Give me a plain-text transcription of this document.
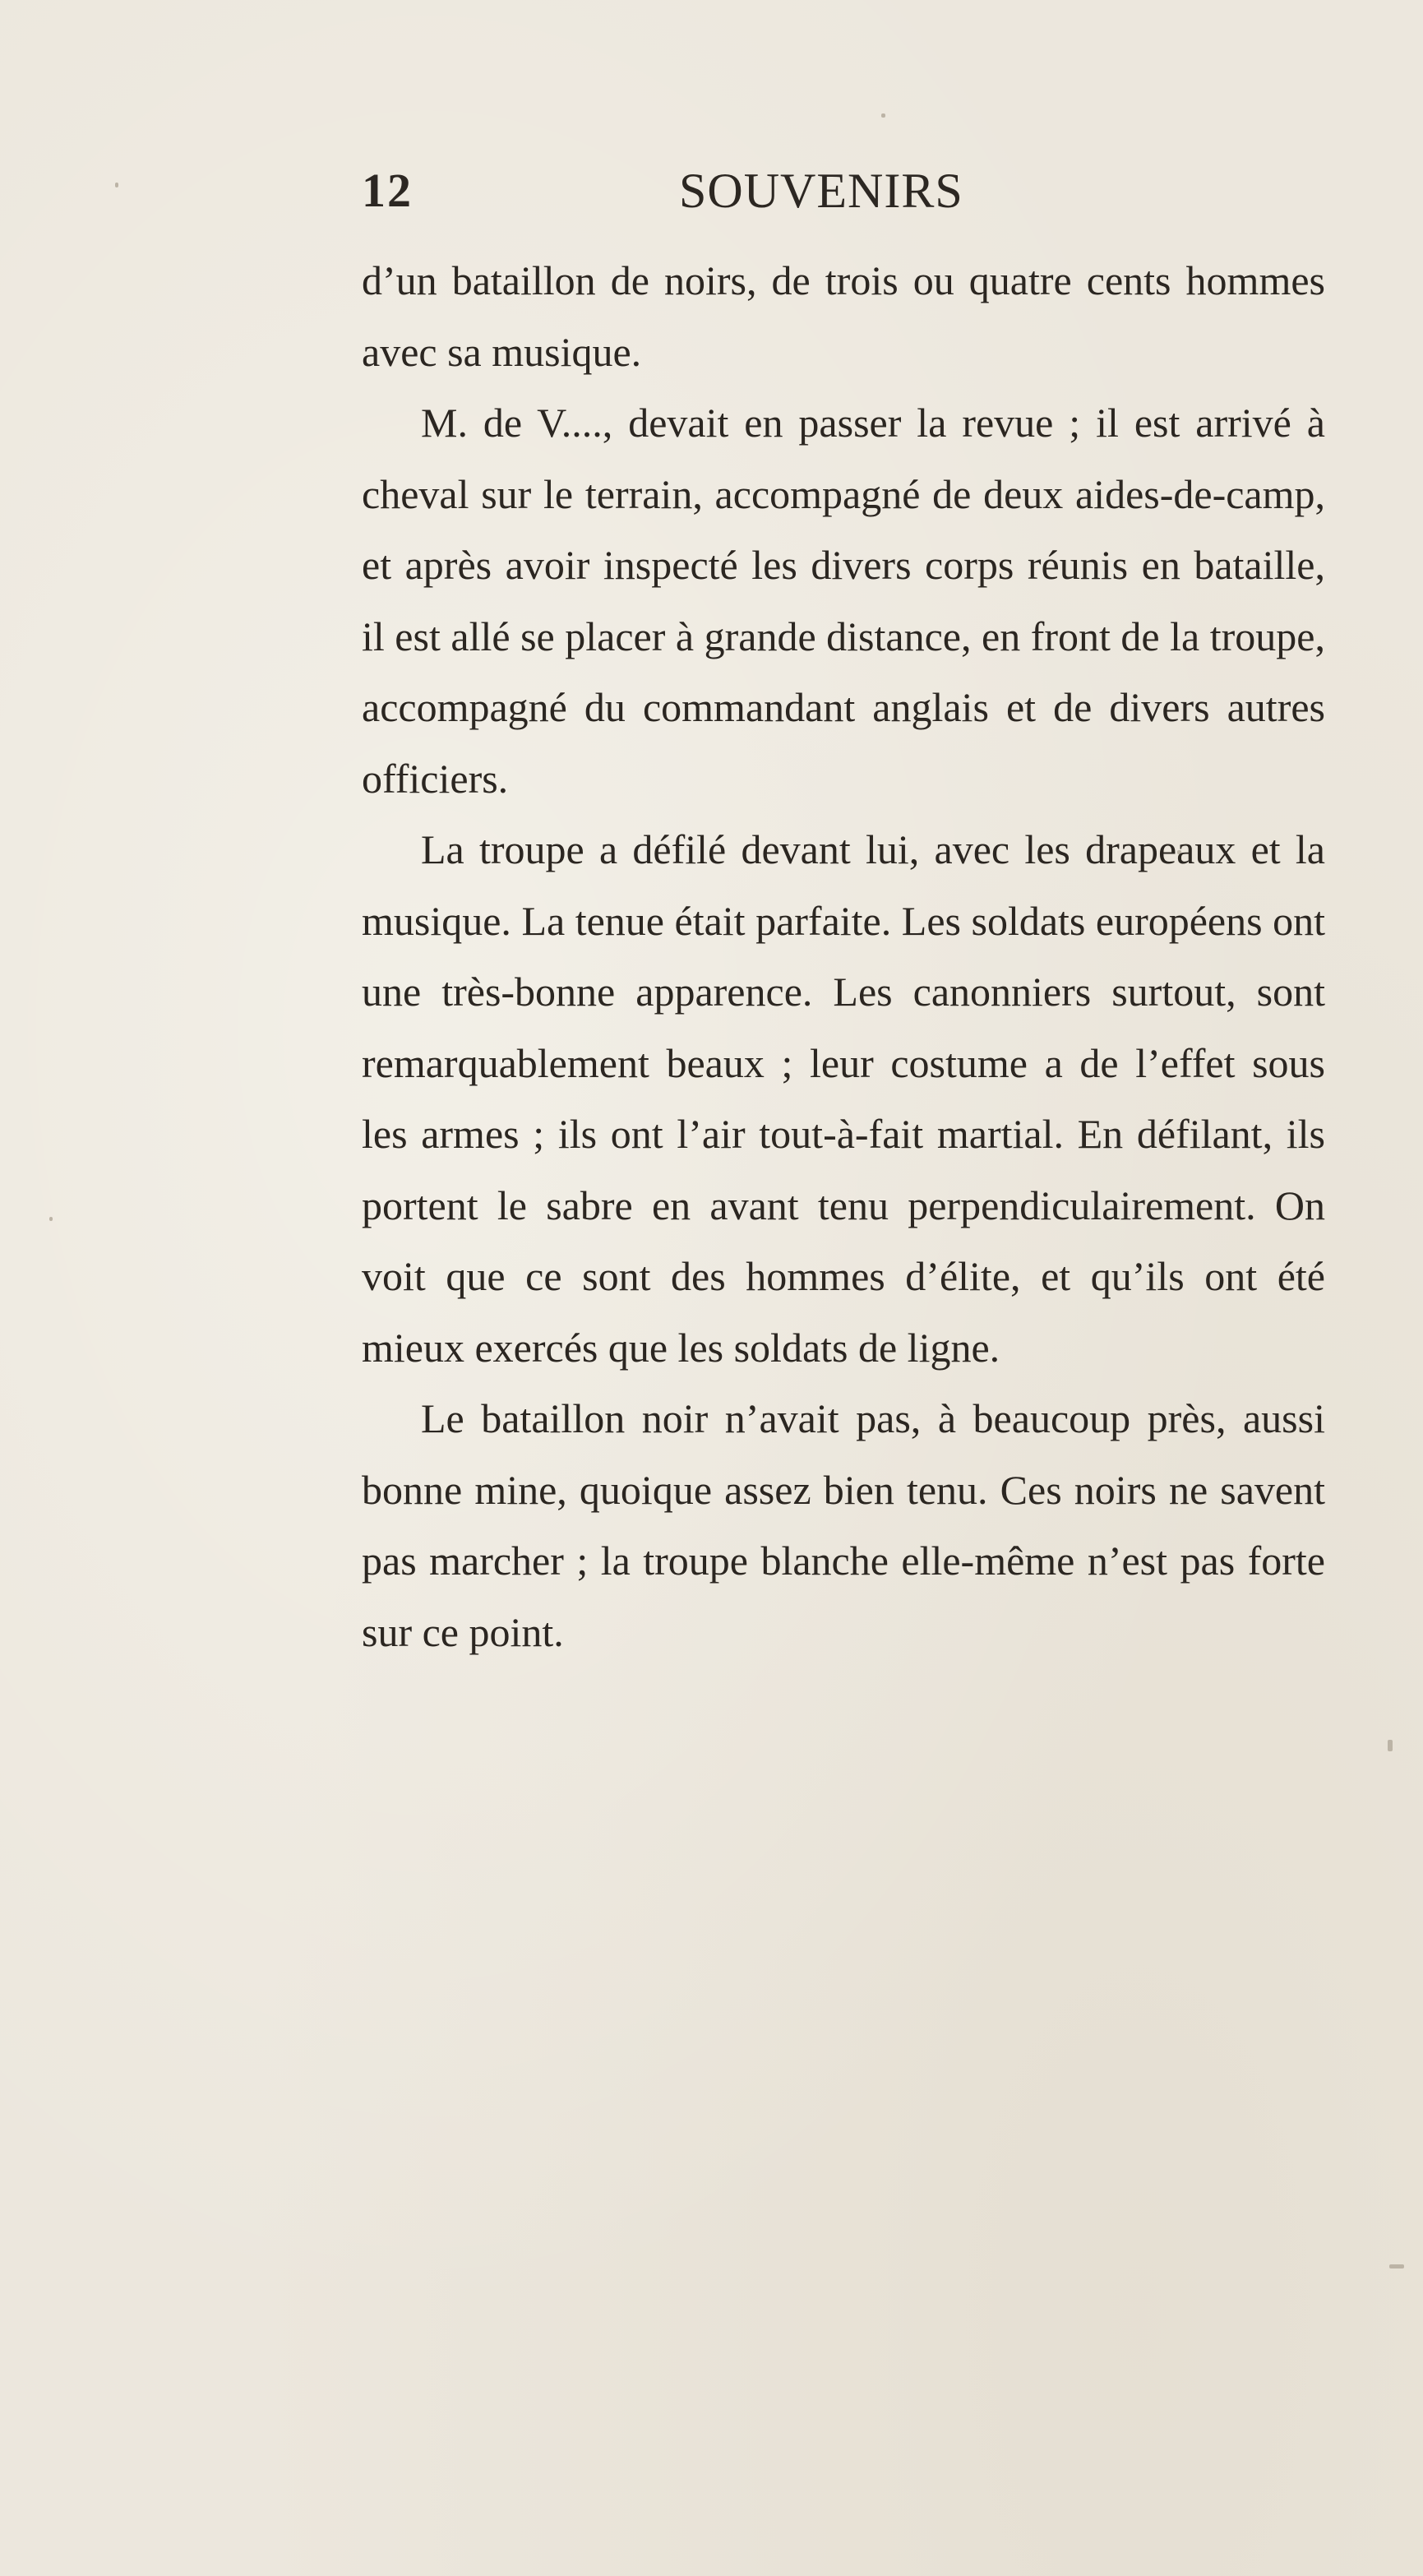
12	SOUVENIRS

d’un bataillon de noirs, de trois ou quatre cents hommes avec sa musique.

M. de V...., devait en passer la revue ; il est arrivé à cheval sur le terrain, accompagné de deux aides-de-camp, et après avoir inspecté les divers corps réunis en bataille, il est allé se placer à grande distance, en front de la troupe, accompagné du commandant anglais et de divers autres officiers.

La troupe a défilé devant lui, avec les drapeaux et la musique. La tenue était parfaite. Les soldats européens ont une très-bonne apparence. Les canonniers surtout, sont remarquablement beaux ; leur costume a de l’effet sous les armes ; ils ont l’air tout-à-fait martial. En défilant, ils portent le sabre en avant tenu perpendiculairement. On voit que ce sont des hommes d’élite, et qu’ils ont été mieux exercés que les soldats de ligne.

Le bataillon noir n’avait pas, à beaucoup près, aussi bonne mine, quoique assez bien tenu. Ces noirs ne savent pas marcher ; la troupe blanche elle-même n’est pas forte sur ce point.
